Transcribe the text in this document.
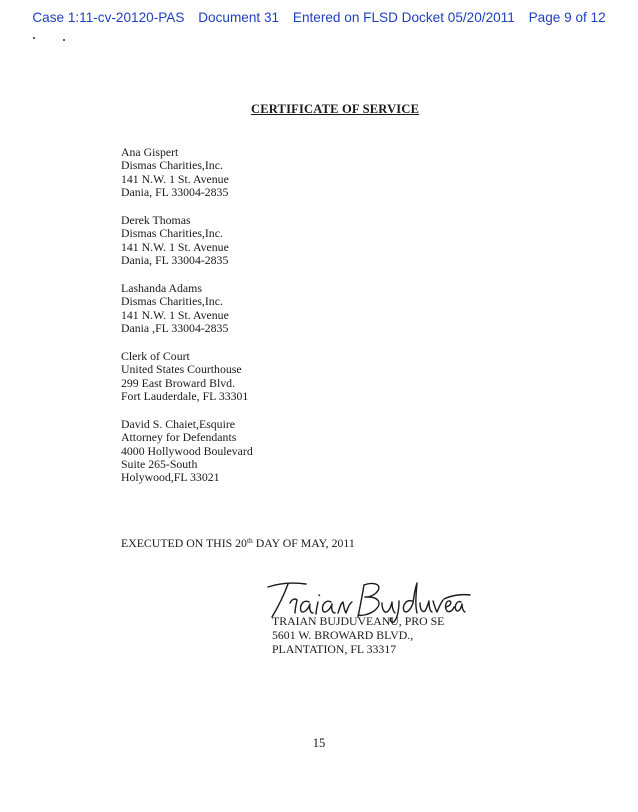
Case 1:11-cv-20120-PAS Document 31 Entered on FLSD Docket 05/20/2011 Page 9 of 12
CERTIFICATE OF SERVICE
Ana Gispert
Dismas Charities,Inc.
141 N.W. 1 St. Avenue
Dania, FL 33004-2835
Derek Thomas
Dismas Charities,Inc.
141 N.W. 1 St. Avenue
Dania, FL 33004-2835
Lashanda Adams
Dismas Charities,Inc.
141 N.W. 1 St. Avenue
Dania ,FL 33004-2835
Clerk of Court
United States Courthouse
299 East Broward Blvd.
Fort Lauderdale, FL 33301
David S. Chaiet,Esquire
Attorney for Defendants
4000 Hollywood Boulevard
Suite 265-South
Holywood,FL 33021
EXECUTED ON THIS 20th DAY OF MAY, 2011
TRAIAN BUJDUVEANU, PRO SE
5601 W. BROWARD BLVD.,
PLANTATION, FL 33317
15
